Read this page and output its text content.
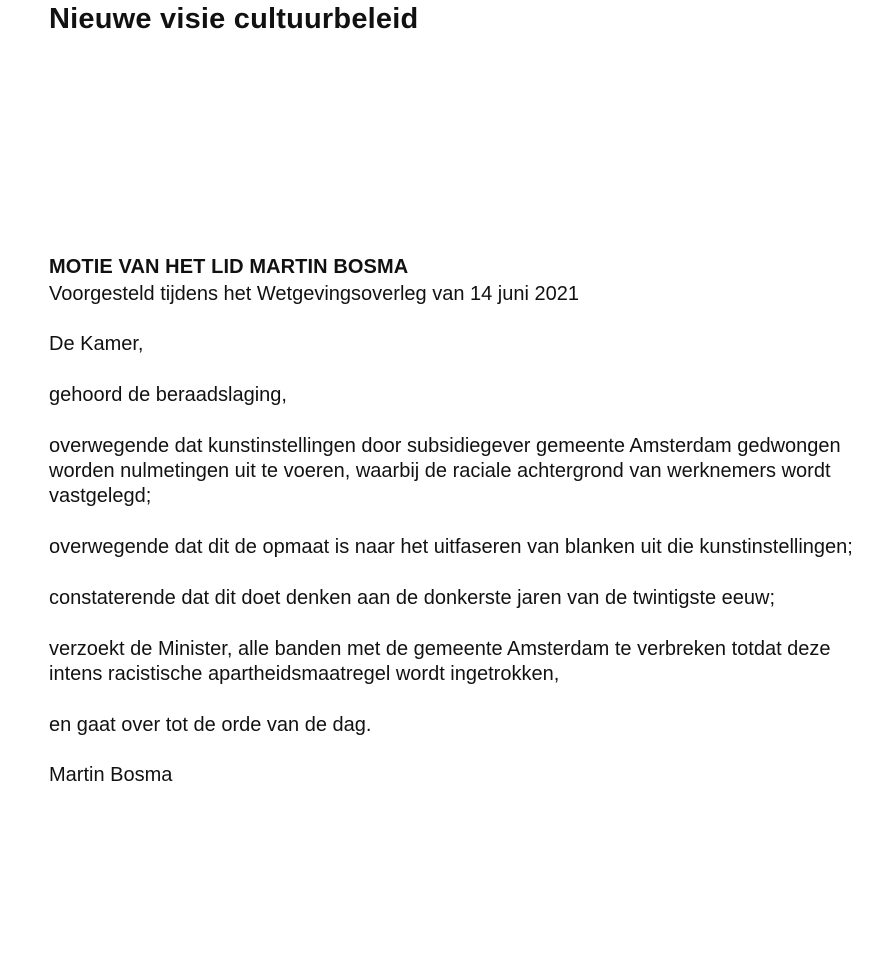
Nieuwe visie cultuurbeleid
MOTIE VAN HET LID MARTIN BOSMA
Voorgesteld tijdens het Wetgevingsoverleg van 14 juni 2021

De Kamer,

gehoord de beraadslaging,

overwegende dat kunstinstellingen door subsidiegever gemeente Amsterdam gedwongen worden nulmetingen uit te voeren, waarbij de raciale achtergrond van werknemers wordt vastgelegd;

overwegende dat dit de opmaat is naar het uitfaseren van blanken uit die kunstinstellingen;

constaterende dat dit doet denken aan de donkerste jaren van de twintigste eeuw;

verzoekt de Minister, alle banden met de gemeente Amsterdam te verbreken totdat deze intens racistische apartheidsmaatregel wordt ingetrokken,

en gaat over tot de orde van de dag.

Martin Bosma
